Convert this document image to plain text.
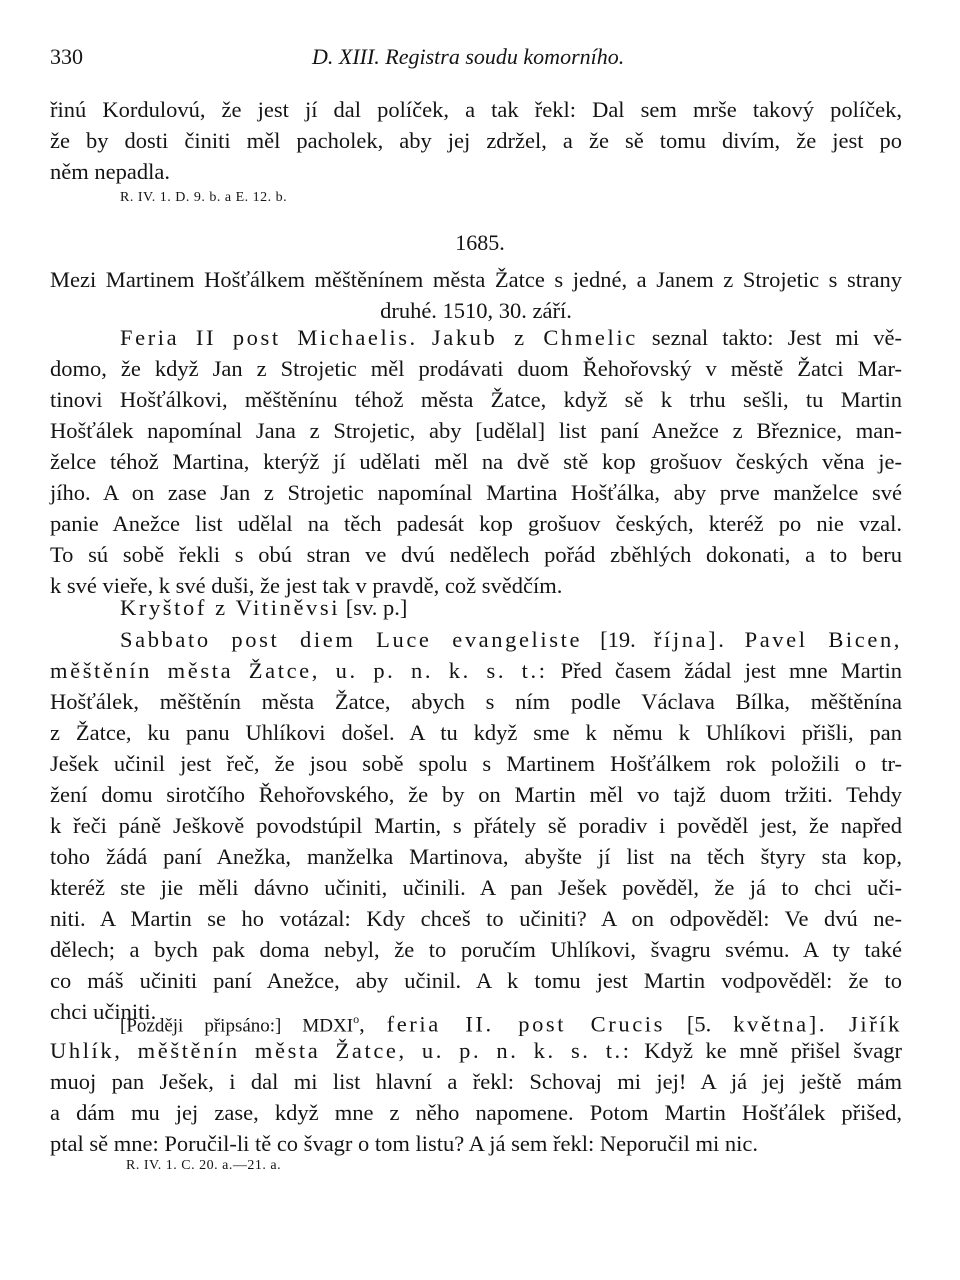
330	D. XIII. Registra soudu komorního.
řinú Kordulovú, že jest jí dal políček, a tak řekl: Dal sem mrše takový políček,
že by dosti činiti měl pacholek, aby jej zdržel, a že sě tomu divím, že jest po
něm nepadla.
R. IV. 1. D. 9. b. a E. 12. b.
1685.
Mezi Martinem Hošťálkem měštěnínem města Žatce s jedné, a Janem z Strojetic s strany
druhé. 1510, 30. září.
Feria II post Michaelis. Jakub z Chmelic seznal takto: Jest mi vě-
domo, že když Jan z Strojetic měl prodávati duom Řehořovský v městě Žatci Mar-
tinovi Hošťálkovi, měštěnínu téhož města Žatce, když sě k trhu sešli, tu Martin
Hošťálek napomínal Jana z Strojetic, aby [udělal] list paní Anežce z Březnice, man-
želce téhož Martina, kterýž jí udělati měl na dvě stě kop grošuov českých věna je-
jího. A on zase Jan z Strojetic napomínal Martina Hošťálka, aby prve manželce své
panie Anežce list udělal na těch padesát kop grošuov českých, kteréž po nie vzal.
To sú sobě řekli s obú stran ve dvú nedělech pořád zběhlých dokonati, a to beru
k své vieře, k své duši, že jest tak v pravdě, což svědčím.
Kryštof z Vitiněvsi [sv. p.]
Sabbato post diem Luce evangeliste [19. října]. Pavel Bicen,
měštěnín města Žatce, u. p. n. k. s. t.: Před časem žádal jest mne Martin
Hošťálek, měštěnín města Žatce, abych s ním podle Václava Bílka, měštěnína
z Žatce, ku panu Uhlíkovi došel. A tu když sme k němu k Uhlíkovi přišli, pan
Ješek učinil jest řeč, že jsou sobě spolu s Martinem Hošťálkem rok položili o tr-
žení domu sirotčího Řehořovského, že by on Martin měl vo tajž duom tržiti. Tehdy
k řeči páně Ješkově povodstúpil Martin, s přátely sě poradiv i pověděl jest, že napřed
toho žádá paní Anežka, manželka Martinova, abyšte jí list na těch štyry sta kop,
kteréž ste jie měli dávno učiniti, učinili. A pan Ješek pověděl, že já to chci uči-
niti. A Martin se ho votázal: Kdy chceš to učiniti? A on odpověděl: Ve dvú ne-
dělech; a bych pak doma nebyl, že to poručím Uhlíkovi, švagru svému. A ty také
co máš učiniti paní Anežce, aby učinil. A k tomu jest Martin vodpověděl: že to
chci učiniti.
[Později připsáno:] MDXI$^o$, feria II. post Crucis [5. května]. Jiřík
Uhlík, měštěnín města Žatce, u. p. n. k. s. t.: Když ke mně přišel švagr
muoj pan Ješek, i dal mi list hlavní a řekl: Schovaj mi jej! A já jej ještě mám
a dám mu jej zase, když mne z něho napomene. Potom Martin Hošťálek přišed,
ptal sě mne: Poručil-li tě co švagr o tom listu? A já sem řekl: Neporučil mi nic.
R. IV. 1. C. 20. a.—21. a.
